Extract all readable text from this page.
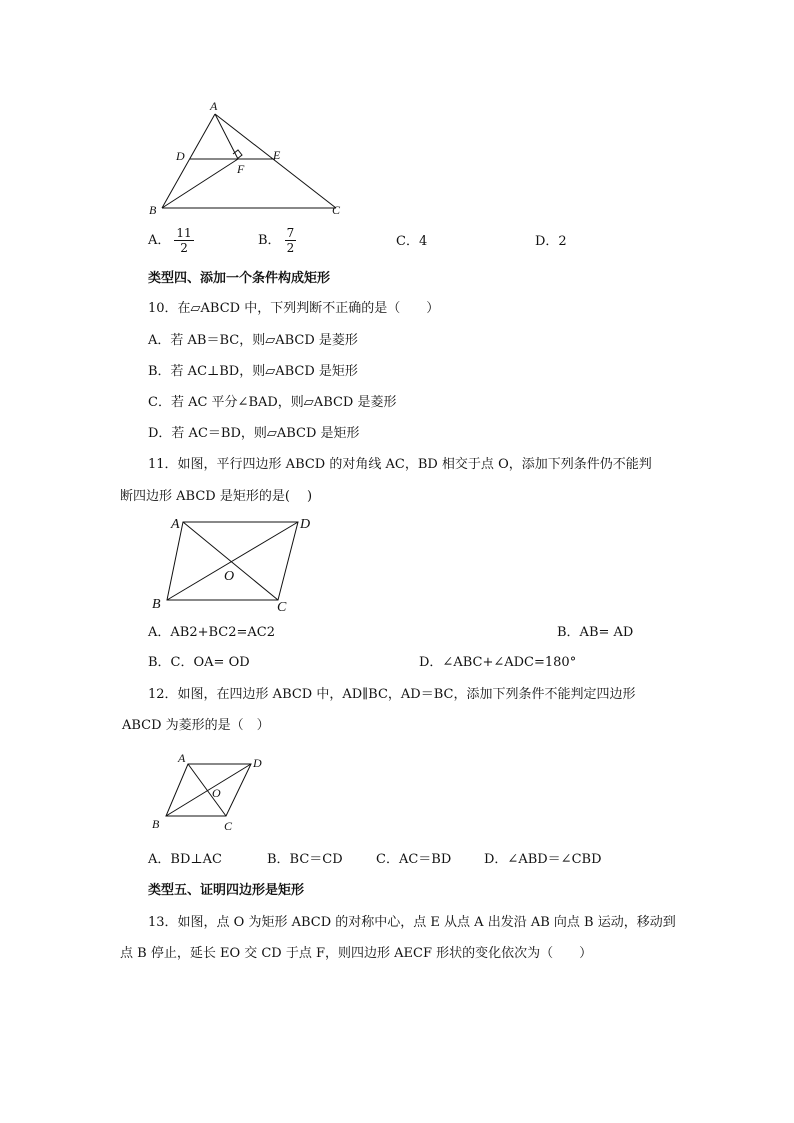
A
D	E
F
B	C
A． $\frac{11}{2}$	B． $\frac{7}{2}$	C．4	D．2
类型四、添加一个条件构成矩形
10．在▱ABCD 中，下列判断不正确的是（　　）
A．若 AB＝BC，则▱ABCD 是菱形
B．若 AC⊥BD，则▱ABCD 是矩形
C．若 AC 平分∠BAD，则▱ABCD 是菱形
D．若 AC＝BD，则▱ABCD 是矩形
11．如图，平行四边形 ABCD 的对角线 AC，BD 相交于点 O，添加下列条件仍不能判
断四边形 ABCD 是矩形的是(　 )
A	D
O
B	C
A．AB2+BC2=AC2	B．AB= AD
B．C．OA= OD	D．∠ABC+∠ADC=180°
12．如图，在四边形 ABCD 中，AD∥BC，AD＝BC，添加下列条件不能判定四边形
ABCD 为菱形的是（　）
A	D
O
B	C
A．BD⊥AC	B．BC＝CD	C．AC＝BD	D．∠ABD＝∠CBD
类型五、证明四边形是矩形
13．如图，点 O 为矩形 ABCD 的对称中心，点 E 从点 A 出发沿 AB 向点 B 运动，移动到
点 B 停止，延长 EO 交 CD 于点 F，则四边形 AECF 形状的变化依次为（　　）
